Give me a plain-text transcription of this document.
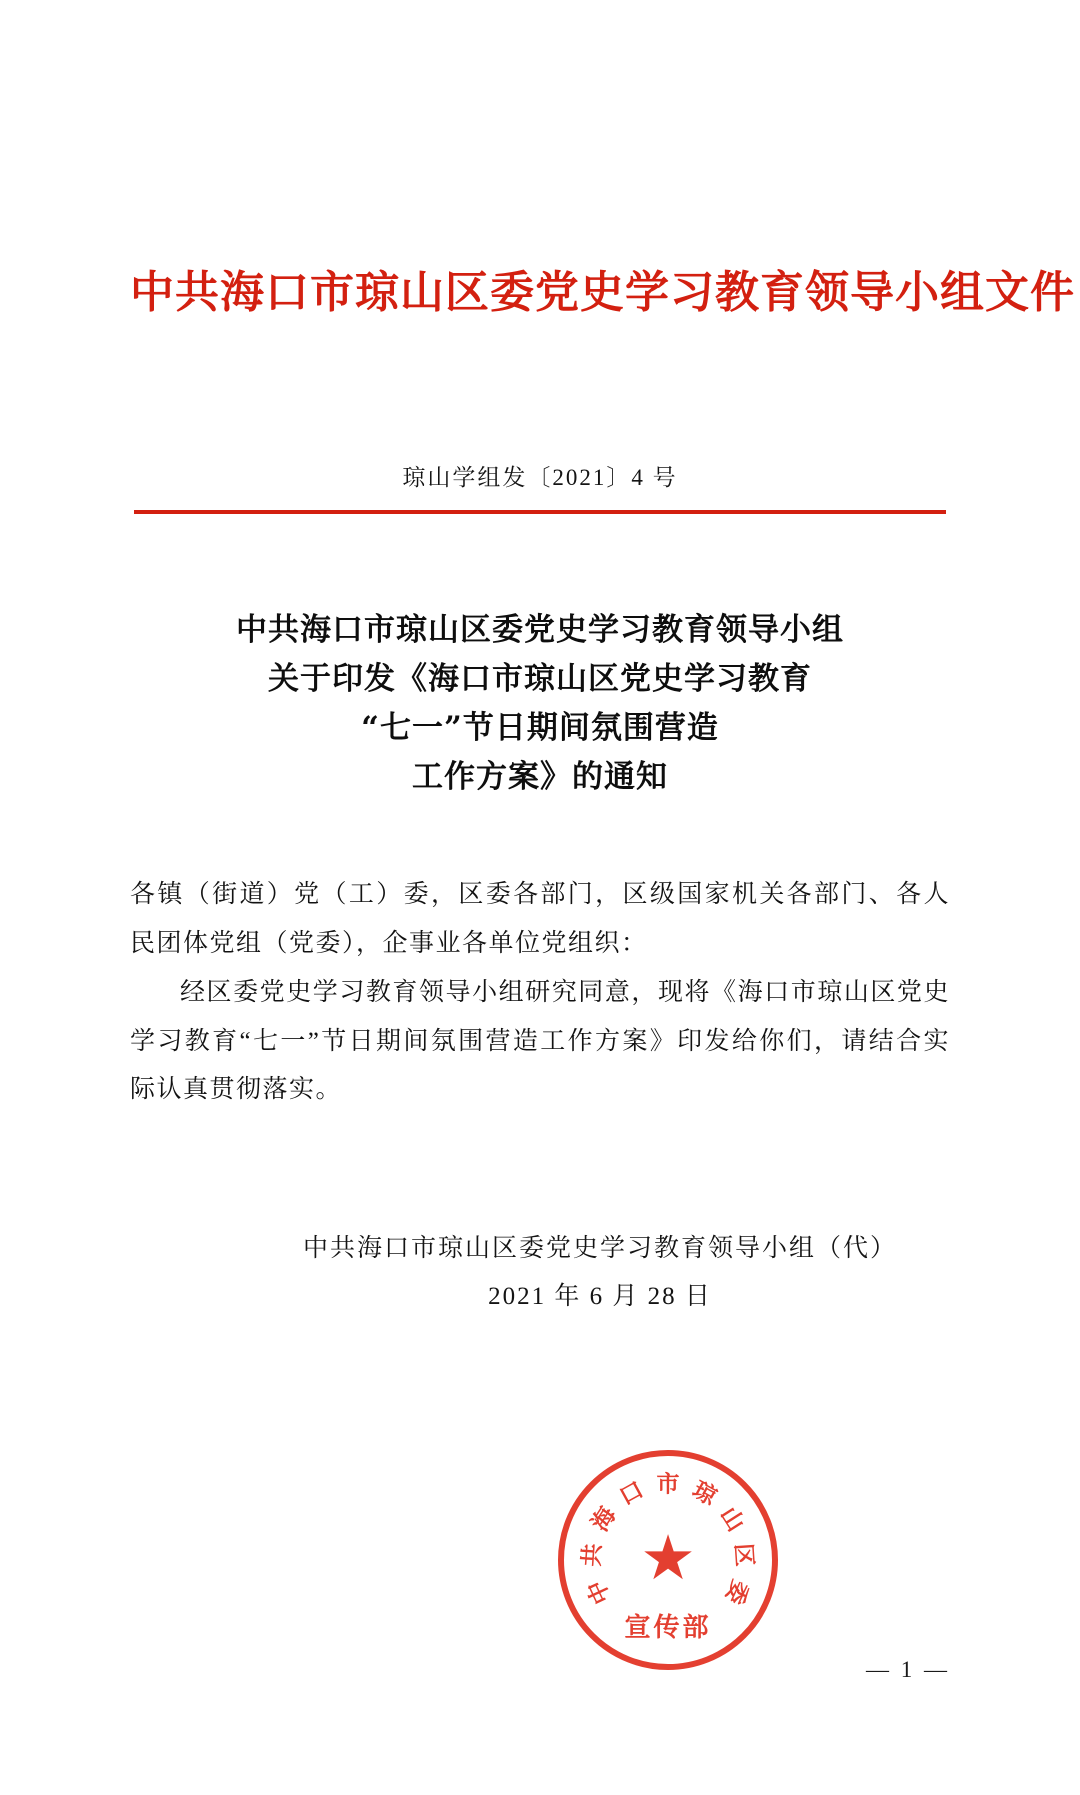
中共海口市琼山区委党史学习教育领导小组文件
琼山学组发〔2021〕4 号
中共海口市琼山区委党史学习教育领导小组
关于印发《海口市琼山区党史学习教育
“七一”节日期间氛围营造
工作方案》的通知

各镇（街道）党（工）委，区委各部门，区级国家机关各部门、各人民团体党组（党委），企事业各单位党组织：

经区委党史学习教育领导小组研究同意，现将《海口市琼山区党史学习教育“七一”节日期间氛围营造工作方案》印发给你们，请结合实际认真贯彻落实。

中共海口市琼山区委党史学习教育领导小组（代）
2021 年 6 月 28 日
中
共
海
口 市 琼
山
区
委
★
宣传部
— 1 —
